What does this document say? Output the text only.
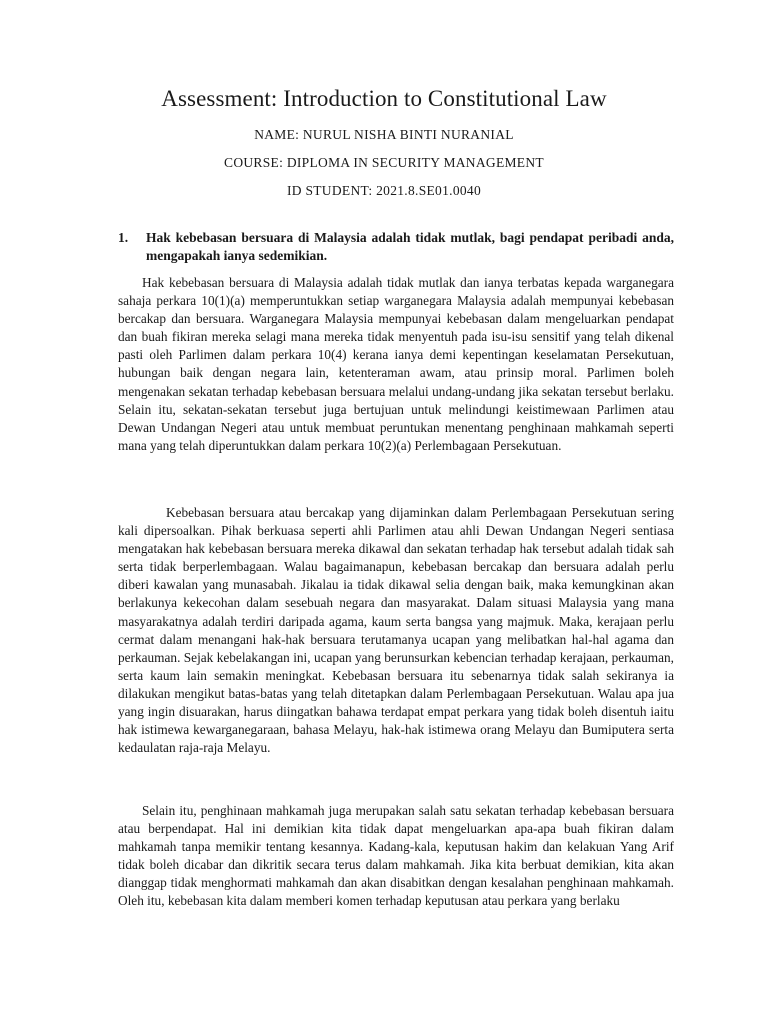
Assessment: Introduction to Constitutional Law

NAME: NURUL NISHA BINTI NURANIAL

COURSE: DIPLOMA IN SECURITY MANAGEMENT

ID STUDENT: 2021.8.SE01.0040

1. Hak kebebasan bersuara di Malaysia adalah tidak mutlak, bagi pendapat peribadi anda, mengapakah ianya sedemikian.

Hak kebebasan bersuara di Malaysia adalah tidak mutlak dan ianya terbatas kepada warganegara sahaja perkara 10(1)(a) memperuntukkan setiap warganegara Malaysia adalah mempunyai kebebasan bercakap dan bersuara. Warganegara Malaysia mempunyai kebebasan dalam mengeluarkan pendapat dan buah fikiran mereka selagi mana mereka tidak menyentuh pada isu-isu sensitif yang telah dikenal pasti oleh Parlimen dalam perkara 10(4) kerana ianya demi kepentingan keselamatan Persekutuan, hubungan baik dengan negara lain, ketenteraman awam, atau prinsip moral. Parlimen boleh mengenakan sekatan terhadap kebebasan bersuara melalui undang-undang jika sekatan tersebut berlaku. Selain itu, sekatan-sekatan tersebut juga bertujuan untuk melindungi keistimewaan Parlimen atau Dewan Undangan Negeri atau untuk membuat peruntukan menentang penghinaan mahkamah seperti mana yang telah diperuntukkan dalam perkara 10(2)(a) Perlembagaan Persekutuan.

Kebebasan bersuara atau bercakap yang dijaminkan dalam Perlembagaan Persekutuan sering kali dipersoalkan. Pihak berkuasa seperti ahli Parlimen atau ahli Dewan Undangan Negeri sentiasa mengatakan hak kebebasan bersuara mereka dikawal dan sekatan terhadap hak tersebut adalah tidak sah serta tidak berperlembagaan. Walau bagaimanapun, kebebasan bercakap dan bersuara adalah perlu diberi kawalan yang munasabah. Jikalau ia tidak dikawal selia dengan baik, maka kemungkinan akan berlakunya kekecohan dalam sesebuah negara dan masyarakat. Dalam situasi Malaysia yang mana masyarakatnya adalah terdiri daripada agama, kaum serta bangsa yang majmuk. Maka, kerajaan perlu cermat dalam menangani hak-hak bersuara terutamanya ucapan yang melibatkan hal-hal agama dan perkauman. Sejak kebelakangan ini, ucapan yang berunsurkan kebencian terhadap kerajaan, perkauman, serta kaum lain semakin meningkat. Kebebasan bersuara itu sebenarnya tidak salah sekiranya ia dilakukan mengikut batas-batas yang telah ditetapkan dalam Perlembagaan Persekutuan. Walau apa jua yang ingin disuarakan, harus diingatkan bahawa terdapat empat perkara yang tidak boleh disentuh iaitu hak istimewa kewarganegaraan, bahasa Melayu, hak-hak istimewa orang Melayu dan Bumiputera serta kedaulatan raja-raja Melayu.

Selain itu, penghinaan mahkamah juga merupakan salah satu sekatan terhadap kebebasan bersuara atau berpendapat. Hal ini demikian kita tidak dapat mengeluarkan apa-apa buah fikiran dalam mahkamah tanpa memikir tentang kesannya. Kadang-kala, keputusan hakim dan kelakuan Yang Arif tidak boleh dicabar dan dikritik secara terus dalam mahkamah. Jika kita berbuat demikian, kita akan dianggap tidak menghormati mahkamah dan akan disabitkan dengan kesalahan penghinaan mahkamah. Oleh itu, kebebasan kita dalam memberi komen terhadap keputusan atau perkara yang berlaku
